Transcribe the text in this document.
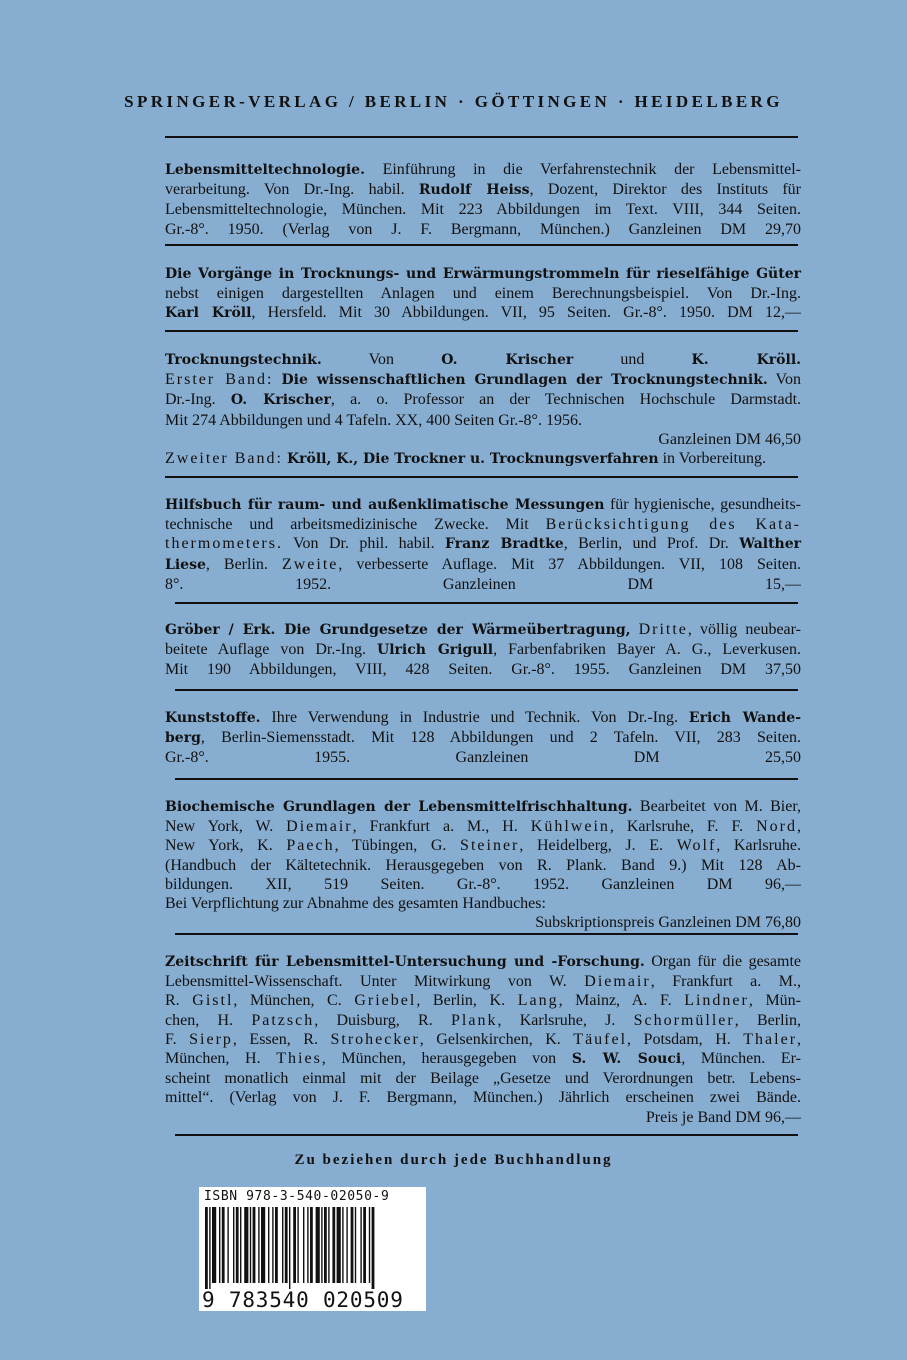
SPRINGER-VERLAG / BERLIN · GÖTTINGEN · HEIDELBERG
Lebensmitteltechnologie. Einführung in die Verfahrenstechnik der Lebensmittel-
verarbeitung. Von Dr.-Ing. habil. Rudolf Heiss, Dozent, Direktor des Instituts für
Lebensmitteltechnologie, München. Mit 223 Abbildungen im Text. VIII, 344 Seiten.
Gr.-8°. 1950. (Verlag von J. F. Bergmann, München.) Ganzleinen DM 29,70
Die Vorgänge in Trocknungs- und Erwärmungstrommeln für rieselfähige Güter
nebst einigen dargestellten Anlagen und einem Berechnungsbeispiel. Von Dr.-Ing.
Karl Kröll, Hersfeld. Mit 30 Abbildungen. VII, 95 Seiten. Gr.-8°. 1950. DM 12,—
Trocknungstechnik. Von O. Krischer und K. Kröll.
Erster Band: Die wissenschaftlichen Grundlagen der Trocknungstechnik. Von
Dr.-Ing. O. Krischer, a. o. Professor an der Technischen Hochschule Darmstadt.
Mit 274 Abbildungen und 4 Tafeln. XX, 400 Seiten Gr.-8°. 1956.
Ganzleinen DM 46,50
Zweiter Band: Kröll, K., Die Trockner u. Trocknungsverfahren in Vorbereitung.
Hilfsbuch für raum- und außenklimatische Messungen für hygienische, gesundheits-
technische und arbeitsmedizinische Zwecke. Mit Berücksichtigung des Kata-
thermometers. Von Dr. phil. habil. Franz Bradtke, Berlin, und Prof. Dr. Walther
Liese, Berlin. Zweite, verbesserte Auflage. Mit 37 Abbildungen. VII, 108 Seiten.
8°. 1952. Ganzleinen DM 15,—
Gröber / Erk. Die Grundgesetze der Wärmeübertragung, Dritte, völlig neubear-
beitete Auflage von Dr.-Ing. Ulrich Grigull, Farbenfabriken Bayer A. G., Leverkusen.
Mit 190 Abbildungen, VIII, 428 Seiten. Gr.-8°. 1955. Ganzleinen DM 37,50
Kunststoffe. Ihre Verwendung in Industrie und Technik. Von Dr.-Ing. Erich Wande-
berg, Berlin-Siemensstadt. Mit 128 Abbildungen und 2 Tafeln. VII, 283 Seiten.
Gr.-8°. 1955. Ganzleinen DM 25,50
Biochemische Grundlagen der Lebensmittelfrischhaltung. Bearbeitet von M. Bier,
New York, W. Diemair, Frankfurt a. M., H. Kühlwein, Karlsruhe, F. F. Nord,
New York, K. Paech, Tübingen, G. Steiner, Heidelberg, J. E. Wolf, Karlsruhe.
(Handbuch der Kältetechnik. Herausgegeben von R. Plank. Band 9.) Mit 128 Ab-
bildungen. XII, 519 Seiten. Gr.-8°. 1952. Ganzleinen DM 96,—
Bei Verpflichtung zur Abnahme des gesamten Handbuches:
Subskriptionspreis Ganzleinen DM 76,80
Zeitschrift für Lebensmittel-Untersuchung und -Forschung. Organ für die gesamte
Lebensmittel-Wissenschaft. Unter Mitwirkung von W. Diemair, Frankfurt a. M.,
R. Gistl, München, C. Griebel, Berlin, K. Lang, Mainz, A. F. Lindner, Mün-
chen, H. Patzsch, Duisburg, R. Plank, Karlsruhe, J. Schormüller, Berlin,
F. Sierp, Essen, R. Strohecker, Gelsenkirchen, K. Täufel, Potsdam, H. Thaler,
München, H. Thies, München, herausgegeben von S. W. Souci, München. Er-
scheint monatlich einmal mit der Beilage „Gesetze und Verordnungen betr. Lebens-
mittel“. (Verlag von J. F. Bergmann, München.) Jährlich erscheinen zwei Bände.
Preis je Band DM 96,—
Zu beziehen durch jede Buchhandlung
ISBN 978-3-540-02050-9
9 783540 020509
